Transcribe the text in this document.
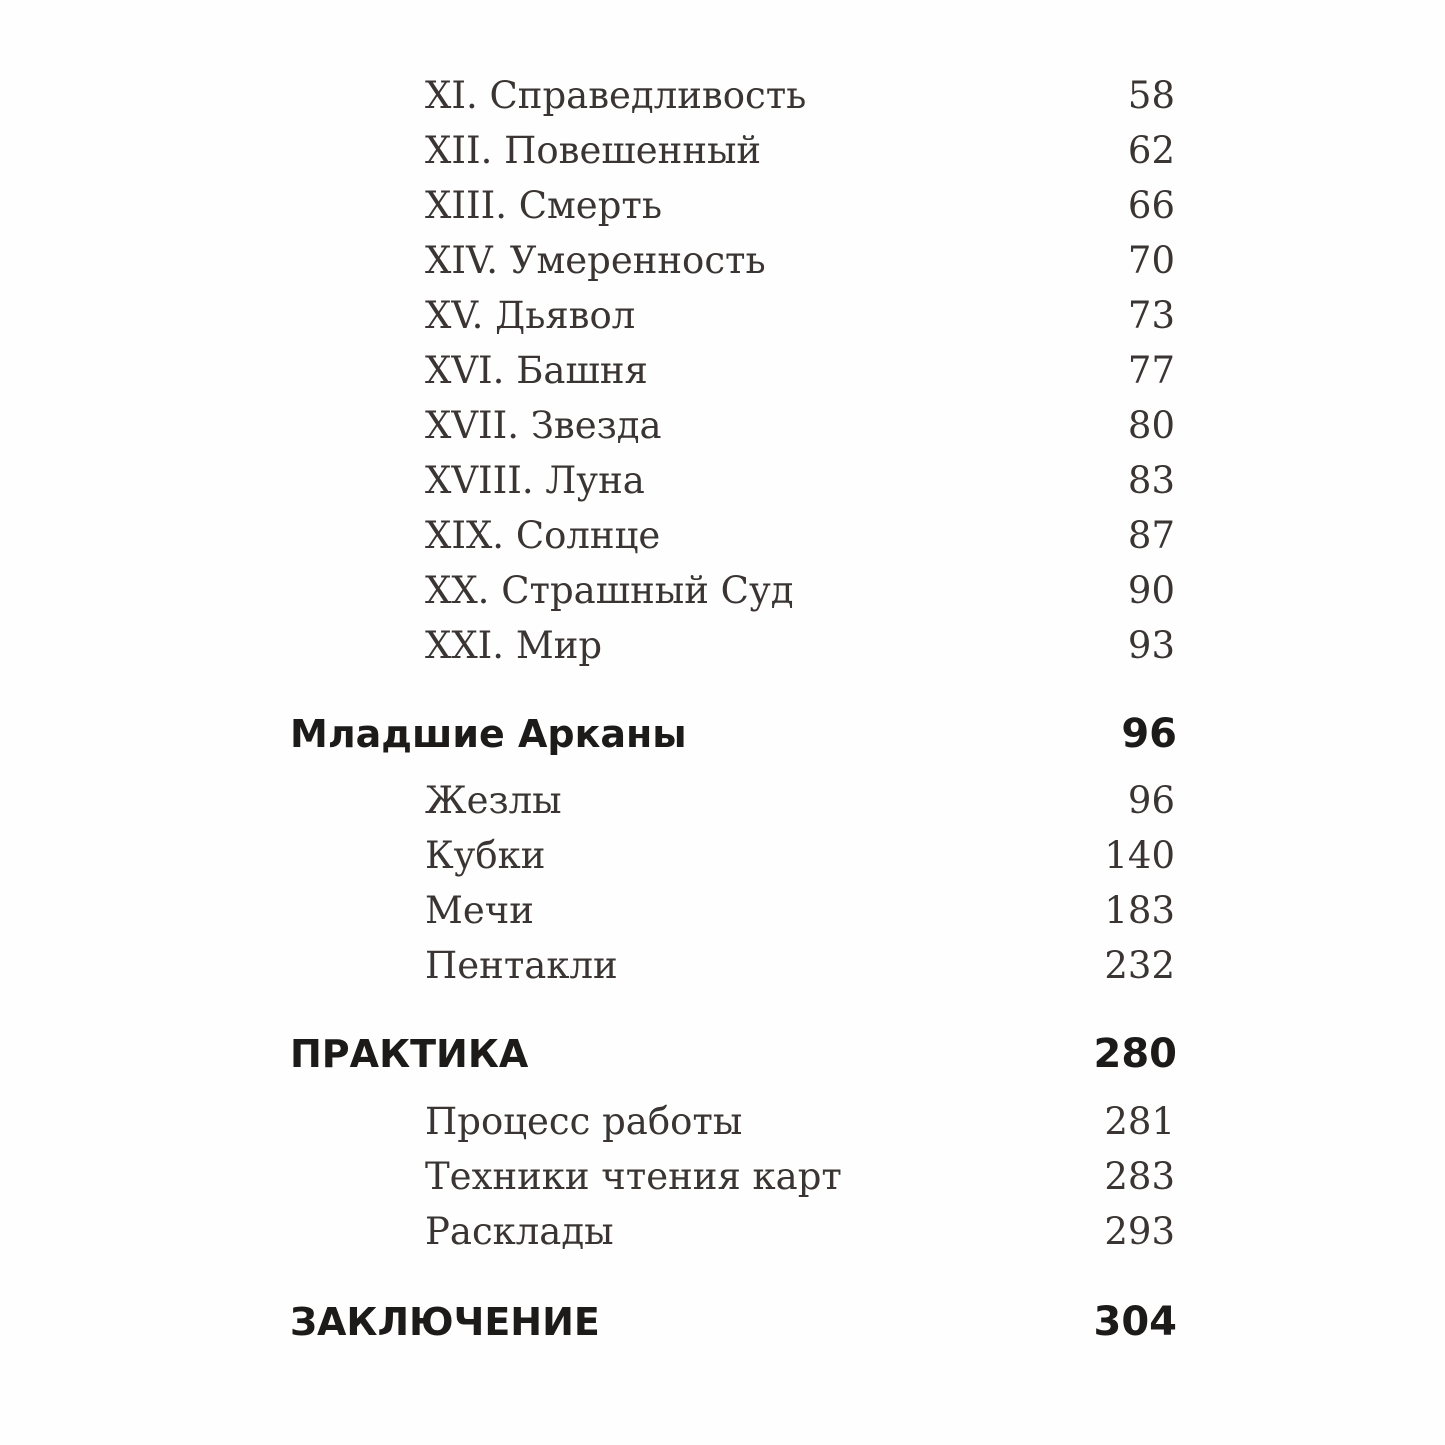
XI. Справедливость	58
XII. Повешенный	62
XIII. Смерть	66
XIV. Умеренность	70
XV. Дьявол	73
XVI. Башня	77
XVII. Звезда	80
XVIII. Луна	83
XIX. Солнце	87
XX. Страшный Суд	90
XXI. Мир	93
Младшие Арканы	96
Жезлы	96
Кубки	140
Мечи	183
Пентакли	232
ПРАКТИКА	280
Процесс работы	281
Техники чтения карт	283
Расклады	293
ЗАКЛЮЧЕНИЕ	304
